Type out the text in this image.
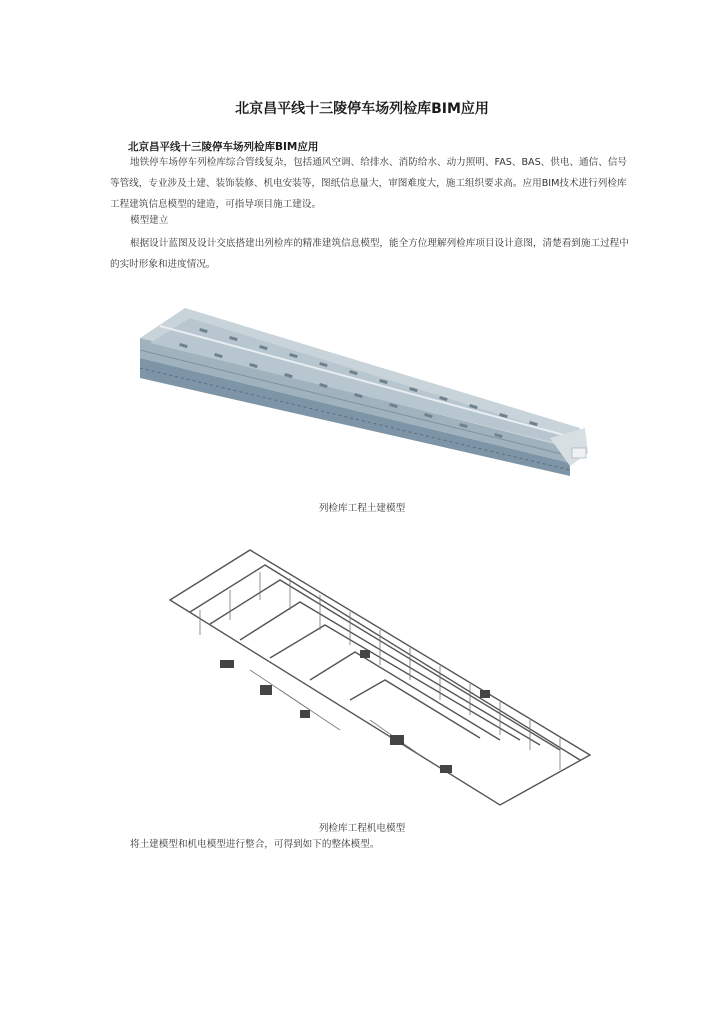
北京昌平线十三陵停车场列检库BIM应用
北京昌平线十三陵停车场列检库BIM应用

地铁停车场停车列检库综合管线复杂，包括通风空调、给排水、消防给水、动力照明、FAS、BAS、供电、通信、信号等管线，专业涉及土建、装饰装修、机电安装等，图纸信息量大，审图难度大，施工组织要求高。应用BIM技术进行列检库工程建筑信息模型的建造，可指导项目施工建设。

模型建立

根据设计蓝图及设计交底搭建出列检库的精准建筑信息模型，能全方位理解列检库项目设计意图，清楚看到施工过程中的实时形象和进度情况。

列检库工程土建模型
列检库工程机电模型

将土建模型和机电模型进行整合，可得到如下的整体模型。
